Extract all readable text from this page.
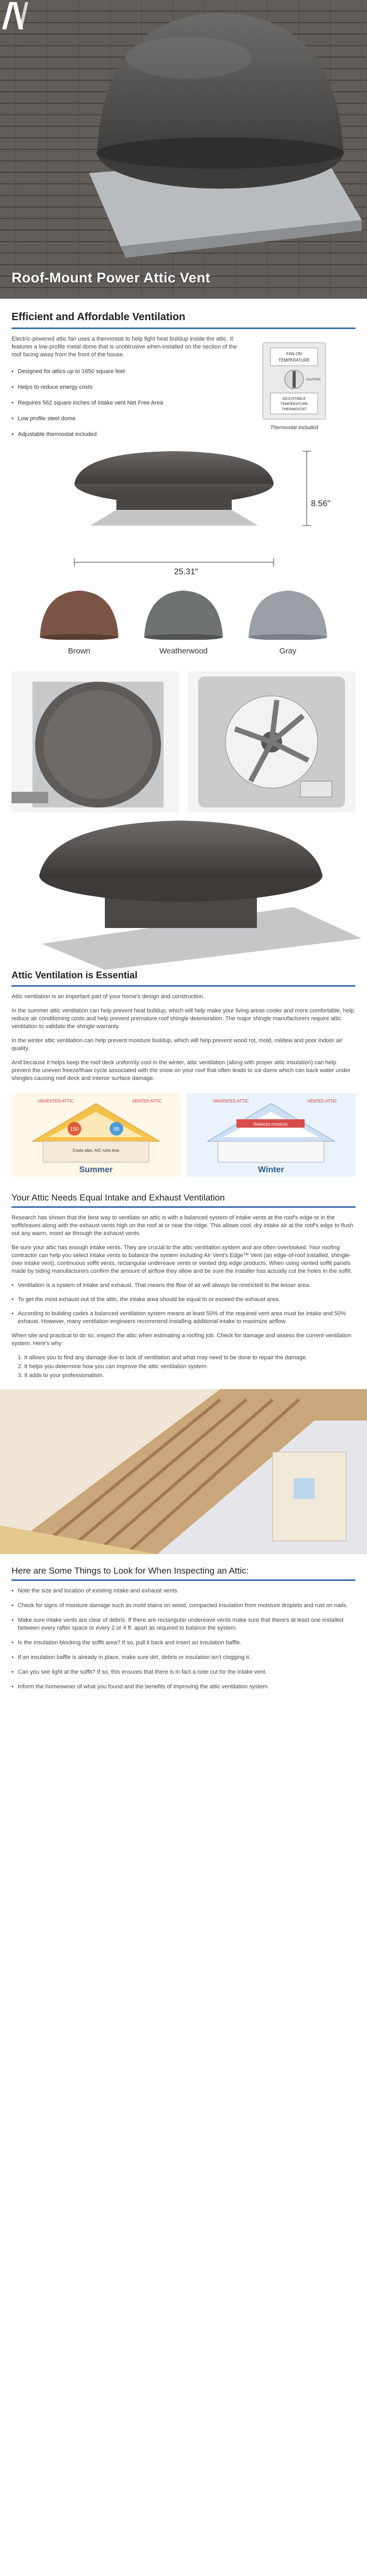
Roof-Mount Power Attic Vent
Efficient and Affordable Ventilation

Electric-powered attic fan uses a thermostat to help fight heat buildup inside the attic. It features a low-profile metal dome that is unobtrusive when installed on the section of the roof facing away from the front of the house.

• Designed for attics up to 1650 square feet
• Helps to reduce energy costs
• Requires 562 square inches of intake vent Net Free Area
• Low profile steel dome
• Adjustable thermostat included
FAN ON
TEMPERATURE
ADJUSTABLE
TEMPERATURE
THERMOSTAT
CAUTION
Thermostat Included
8.56"
25.31"
Brown	Weatherwood	Gray
Attic Ventilation is Essential

Attic ventilation is an important part of your home's design and construction.

In the summer attic ventilation can help prevent heat buildup, which will help make your living areas cooler and more comfortable, help reduce air conditioning costs and help prevent premature roof shingle deterioration. The major shingle manufacturers require attic ventilation to validate the shingle warranty.

In the winter attic ventilation can help prevent moisture buildup, which will help prevent wood rot, mold, mildew and poor indoor air quality.

And because it helps keep the roof deck uniformly cool in the winter, attic ventilation (along with proper attic insulation) can help prevent the uneven freeze/thaw cycle associated with the snow on your roof that often leads to ice dams which can back water under shingles causing roof deck and interior surface damage.

150	95
UNVENTED ATTIC	VENTED ATTIC
Costs also, A/C runs less
Summer
Reduces moisture
UNVENTED ATTIC	VENTED ATTIC
Winter
Your Attic Needs Equal Intake and Exhaust Ventilation

Research has shown that the best way to ventilate an attic is with a balanced system of intake vents at the roof's edge or in the soffit/eaves along with the exhaust vents high on the roof at or near the ridge. This allows cool, dry intake air at the roof's edge to flush out any warm, moist air through the exhaust vents.

Be sure your attic has enough intake vents. They are crucial to the attic ventilation system and are often overlooked. Your roofing contractor can help you select intake vents to balance the system including Air Vent's Edge™ Vent (an edge-of-roof installed, shingle-over intake vent), continuous soffit vents, rectangular undereave vents or vented drip edge products. When using vented soffit panels made by siding manufacturers confirm the amount of airflow they allow and be sure the installer has actually cut the holes in the soffit.

• Ventilation is a system of intake and exhaust. That means the flow of air will always be restricted to the lesser area.
• To get the most exhaust out of the attic, the intake area should be equal to or exceed the exhaust area.
• According to building codes a balanced ventilation system means at least 50% of the required vent area must be intake and 50% exhaust. However, many ventilation engineers recommend installing additional intake to maximize airflow.

When site and practical to do so, inspect the attic when estimating a roofing job. Check for damage and assess the current ventilation system. Here's why:

1. It allows you to find any damage due to lack of ventilation and what may need to be done to repair the damage.
2. It helps you determine how you can improve the attic ventilation system.
3. It adds to your professionalism.
Here are Some Things to Look for When Inspecting an Attic:
• Note the size and location of existing intake and exhaust vents.
• Check for signs of moisture damage such as mold stains on wood, compacted insulation from moisture droplets and rust on nails.
• Make sure intake vents are clear of debris. If there are rectangular undereave vents make sure that there's at least one installed between every rafter space or every 2 or 4 ft. apart as required to balance the system.
• Is the insulation blocking the soffit area? If so, pull it back and insert an insulation baffle.
• If an insulation baffle is already in place, make sure dirt, debris or insulation isn't clogging it.
• Can you see light at the soffit? If so, this ensures that there is in fact a note cut for the intake vent.
• Inform the homeowner of what you found and the benefits of improving the attic ventilation system.
